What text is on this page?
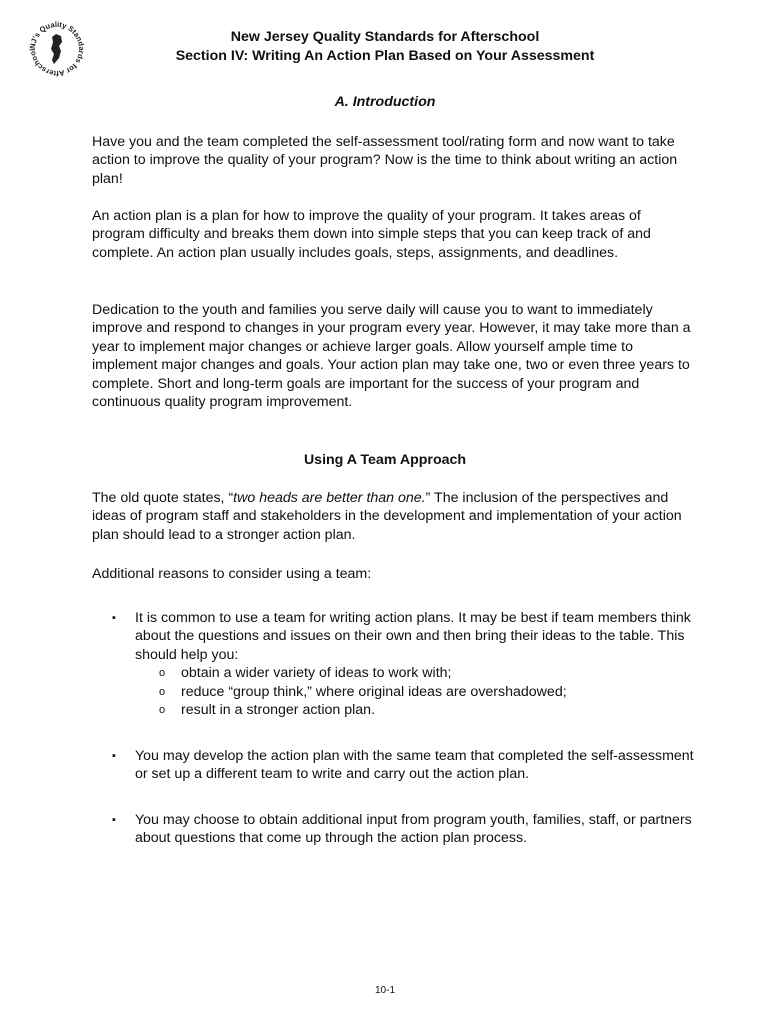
NJ's Quality Standards for Afterschool
New Jersey Quality Standards for Afterschool
Section IV: Writing An Action Plan Based on Your Assessment
A. Introduction

Have you and the team completed the self-assessment tool/rating form and now want to take action to improve the quality of your program? Now is the time to think about writing an action plan!

An action plan is a plan for how to improve the quality of your program. It takes areas of program difficulty and breaks them down into simple steps that you can keep track of and complete. An action plan usually includes goals, steps, assignments, and deadlines.

Dedication to the youth and families you serve daily will cause you to want to immediately improve and respond to changes in your program every year. However, it may take more than a year to implement major changes or achieve larger goals. Allow yourself ample time to implement major changes and goals. Your action plan may take one, two or even three years to complete. Short and long-term goals are important for the success of your program and continuous quality program improvement.

Using A Team Approach

The old quote states, “two heads are better than one.” The inclusion of the perspectives and ideas of program staff and stakeholders in the development and implementation of your action plan should lead to a stronger action plan.

Additional reasons to consider using a team:

▪ It is common to use a team for writing action plans. It may be best if team members think about the questions and issues on their own and then bring their ideas to the table. This should help you:
o obtain a wider variety of ideas to work with;
o reduce “group think,” where original ideas are overshadowed;
o result in a stronger action plan.
▪ You may develop the action plan with the same team that completed the self-assessment or set up a different team to write and carry out the action plan.
▪ You may choose to obtain additional input from program youth, families, staff, or partners about questions that come up through the action plan process.
10-1
